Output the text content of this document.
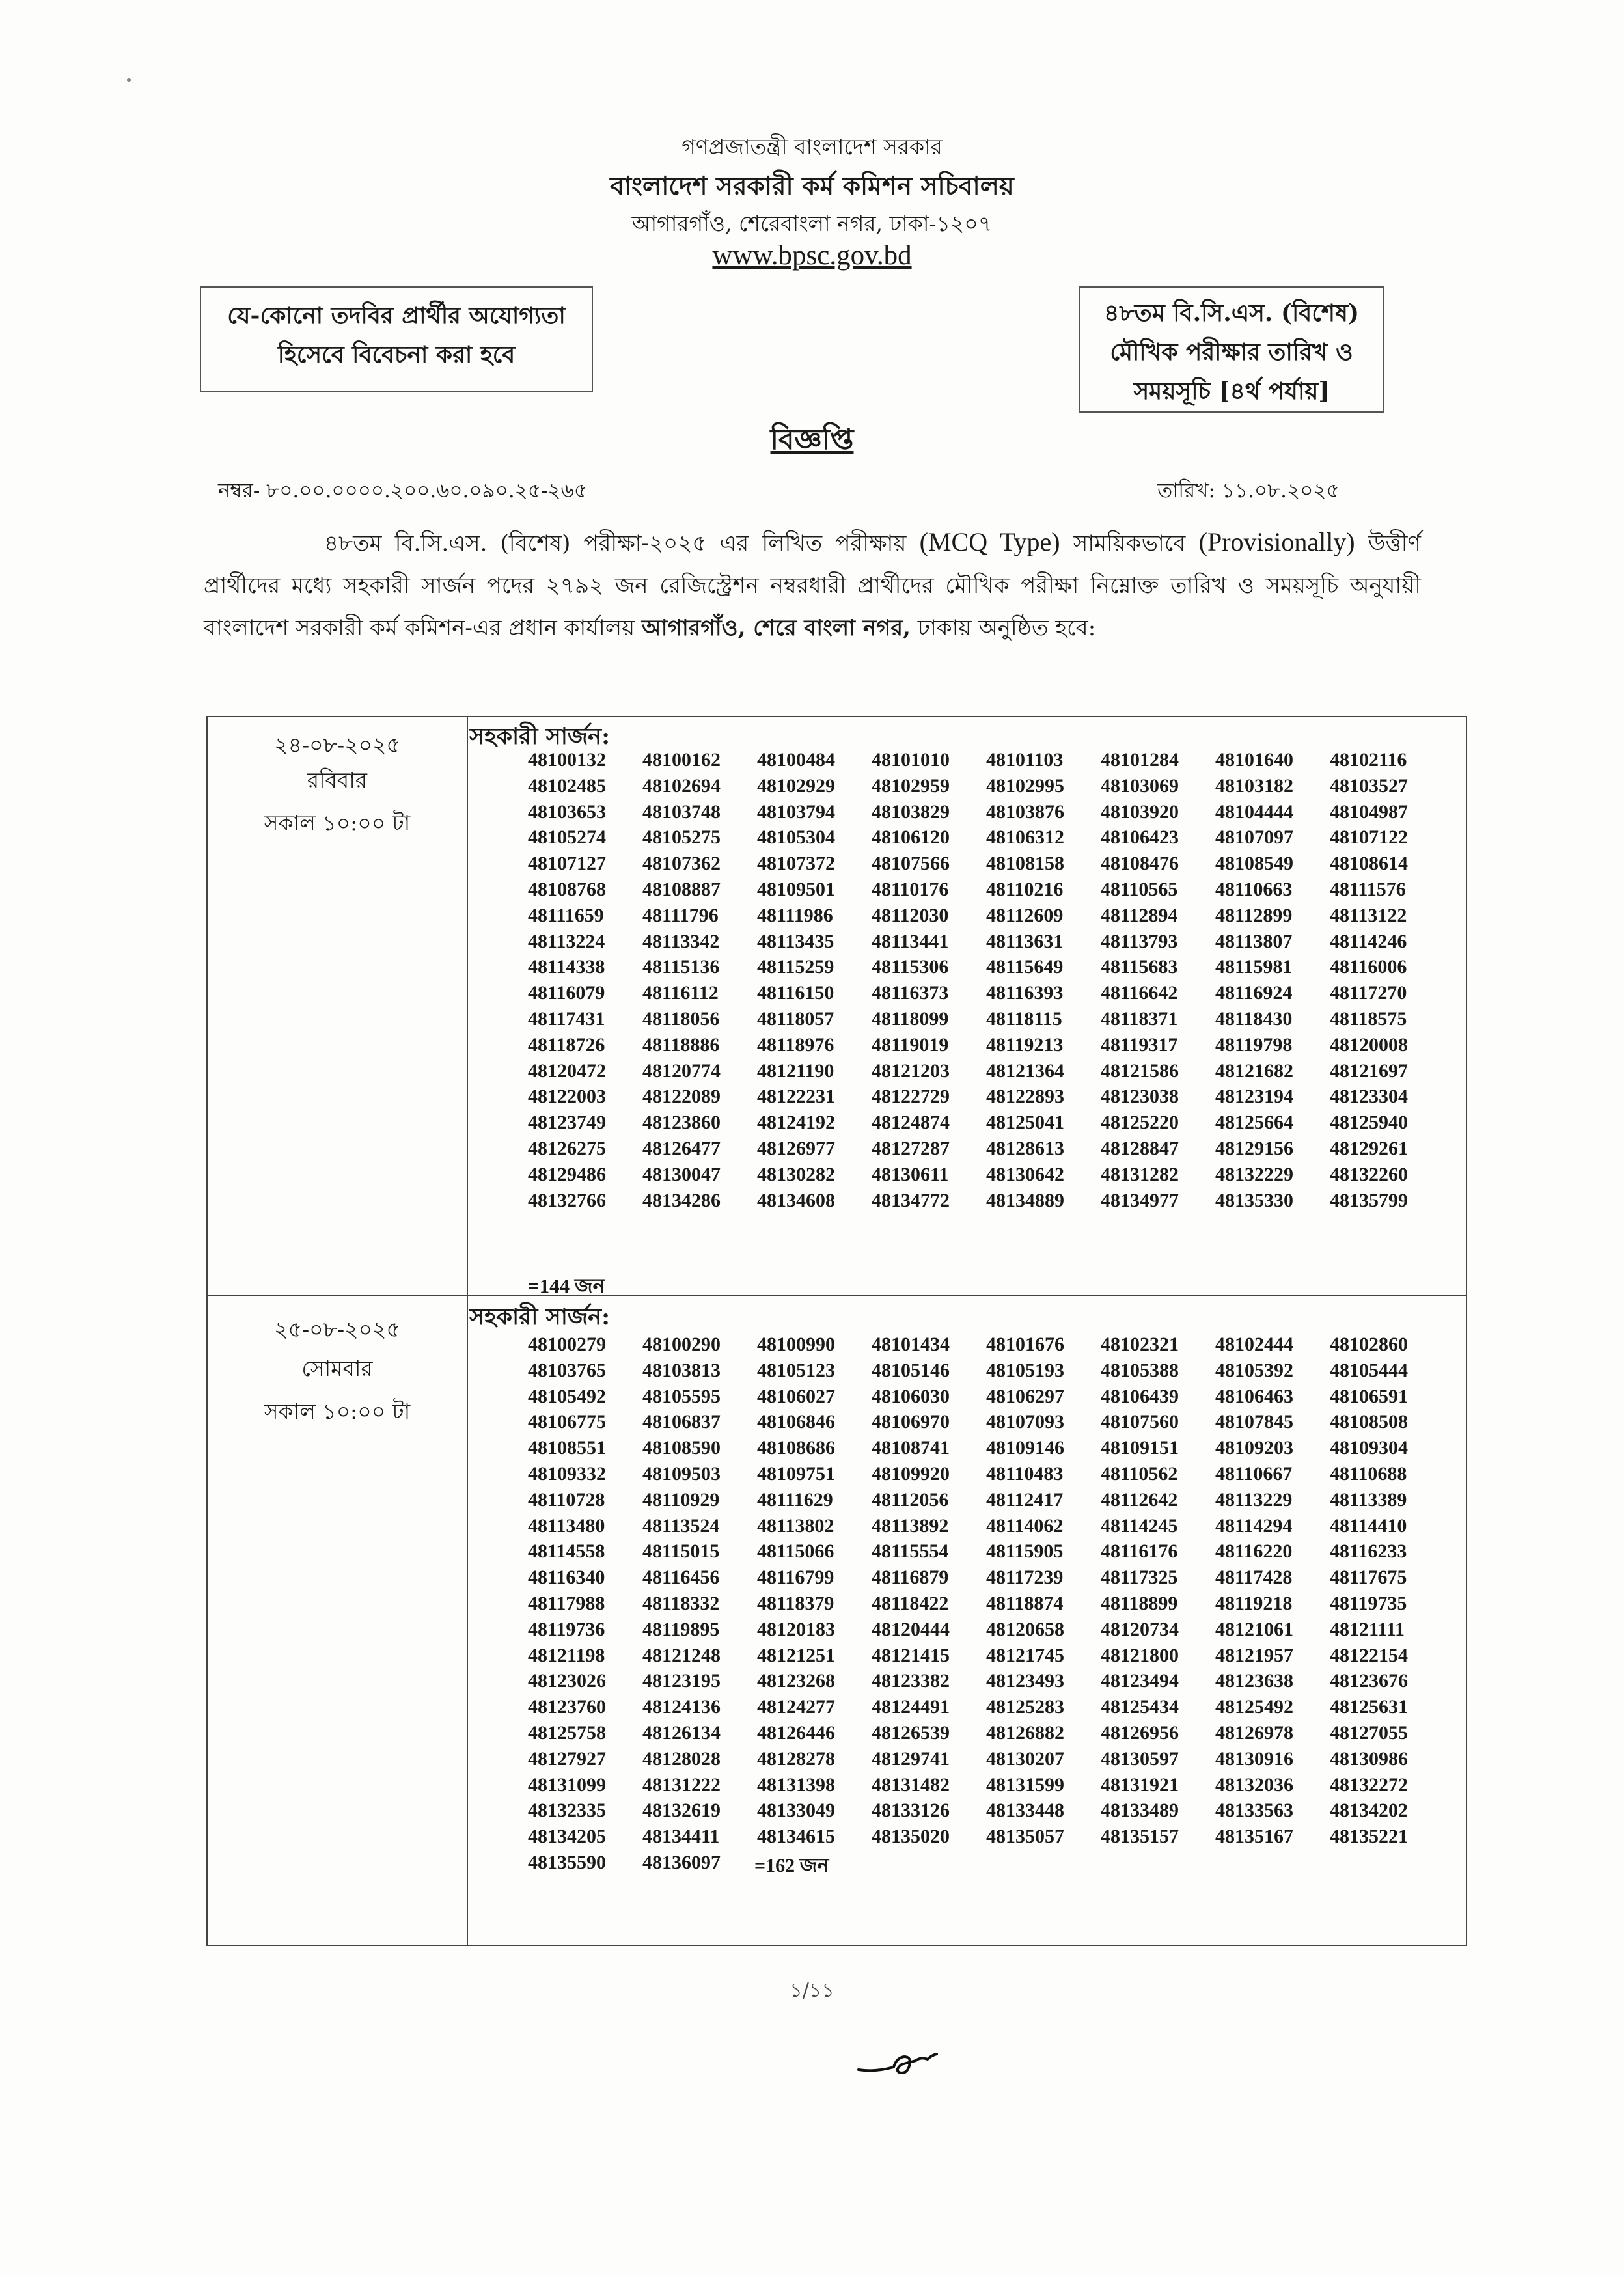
গণপ্রজাতন্ত্রী বাংলাদেশ সরকার
বাংলাদেশ সরকারী কর্ম কমিশন সচিবালয়
আগারগাঁও, শেরেবাংলা নগর, ঢাকা-১২০৭
www.bpsc.gov.bd
যে-কোনো তদবির প্রার্থীর অযোগ্যতা
হিসেবে বিবেচনা করা হবে
৪৮তম বি.সি.এস. (বিশেষ)
মৌখিক পরীক্ষার তারিখ ও
সময়সূচি [৪র্থ পর্যায়]
বিজ্ঞপ্তি
নম্বর- ৮০.০০.০০০০.২০০.৬০.০৯০.২৫-২৬৫	তারিখ: ১১.০৮.২০২৫
৪৮তম বি.সি.এস. (বিশেষ) পরীক্ষা-২০২৫ এর লিখিত পরীক্ষায় (MCQ Type) সাময়িকভাবে (Provisionally) উত্তীর্ণ প্রার্থীদের মধ্যে সহকারী সার্জন পদের ২৭৯২ জন রেজিস্ট্রেশন নম্বরধারী প্রার্থীদের মৌখিক পরীক্ষা নিম্নোক্ত তারিখ ও সময়সূচি অনুযায়ী বাংলাদেশ সরকারী কর্ম কমিশন-এর প্রধান কার্যালয় আগারগাঁও, শেরে বাংলা নগর, ঢাকায় অনুষ্ঠিত হবে:
২৪-০৮-২০২৫
রবিবার
সকাল ১০:০০ টা
সহকারী সার্জন:
48100132	48100162	48100484	48101010	48101103	48101284	48101640	48102116
48102485	48102694	48102929	48102959	48102995	48103069	48103182	48103527
48103653	48103748	48103794	48103829	48103876	48103920	48104444	48104987
48105274	48105275	48105304	48106120	48106312	48106423	48107097	48107122
48107127	48107362	48107372	48107566	48108158	48108476	48108549	48108614
48108768	48108887	48109501	48110176	48110216	48110565	48110663	48111576
48111659	48111796	48111986	48112030	48112609	48112894	48112899	48113122
48113224	48113342	48113435	48113441	48113631	48113793	48113807	48114246
48114338	48115136	48115259	48115306	48115649	48115683	48115981	48116006
48116079	48116112	48116150	48116373	48116393	48116642	48116924	48117270
48117431	48118056	48118057	48118099	48118115	48118371	48118430	48118575
48118726	48118886	48118976	48119019	48119213	48119317	48119798	48120008
48120472	48120774	48121190	48121203	48121364	48121586	48121682	48121697
48122003	48122089	48122231	48122729	48122893	48123038	48123194	48123304
48123749	48123860	48124192	48124874	48125041	48125220	48125664	48125940
48126275	48126477	48126977	48127287	48128613	48128847	48129156	48129261
48129486	48130047	48130282	48130611	48130642	48131282	48132229	48132260
48132766	48134286	48134608	48134772	48134889	48134977	48135330	48135799
=144 জন
২৫-০৮-২০২৫
সোমবার
সকাল ১০:০০ টা
সহকারী সার্জন:
48100279	48100290	48100990	48101434	48101676	48102321	48102444	48102860
48103765	48103813	48105123	48105146	48105193	48105388	48105392	48105444
48105492	48105595	48106027	48106030	48106297	48106439	48106463	48106591
48106775	48106837	48106846	48106970	48107093	48107560	48107845	48108508
48108551	48108590	48108686	48108741	48109146	48109151	48109203	48109304
48109332	48109503	48109751	48109920	48110483	48110562	48110667	48110688
48110728	48110929	48111629	48112056	48112417	48112642	48113229	48113389
48113480	48113524	48113802	48113892	48114062	48114245	48114294	48114410
48114558	48115015	48115066	48115554	48115905	48116176	48116220	48116233
48116340	48116456	48116799	48116879	48117239	48117325	48117428	48117675
48117988	48118332	48118379	48118422	48118874	48118899	48119218	48119735
48119736	48119895	48120183	48120444	48120658	48120734	48121061	48121111
48121198	48121248	48121251	48121415	48121745	48121800	48121957	48122154
48123026	48123195	48123268	48123382	48123493	48123494	48123638	48123676
48123760	48124136	48124277	48124491	48125283	48125434	48125492	48125631
48125758	48126134	48126446	48126539	48126882	48126956	48126978	48127055
48127927	48128028	48128278	48129741	48130207	48130597	48130916	48130986
48131099	48131222	48131398	48131482	48131599	48131921	48132036	48132272
48132335	48132619	48133049	48133126	48133448	48133489	48133563	48134202
48134205	48134411	48134615	48135020	48135057	48135157	48135167	48135221
48135590	48136097	=162 জন
১/১১
